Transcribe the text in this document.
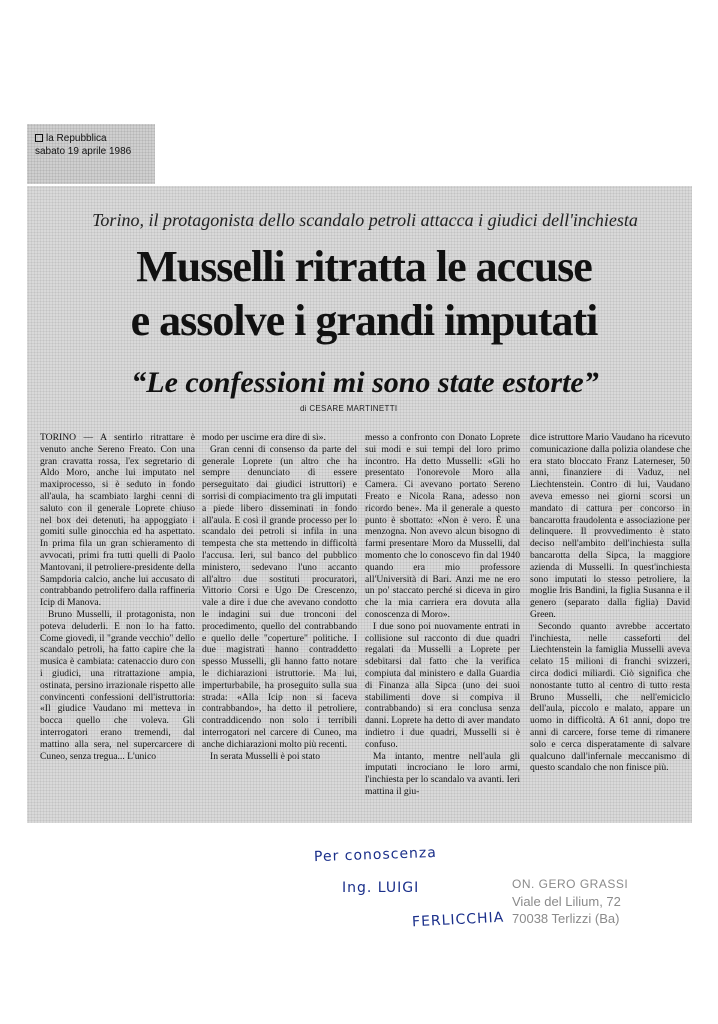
la Repubblica
sabato 19 aprile 1986
Torino, il protagonista dello scandalo petroli attacca i giudici dell'inchiesta
Musselli ritratta le accuse
e assolve i grandi imputati
“Le confessioni mi sono state estorte”
di CESARE MARTINETTI

TORINO — A sentirlo ritrattare è venuto anche Sereno Freato. Con una gran cravatta rossa, l'ex segretario di Aldo Moro, anche lui imputato nel maxiprocesso, si è seduto in fondo all'aula, ha scambiato larghi cenni di saluto con il generale Loprete chiuso nel box dei detenuti, ha appoggiato i gomiti sulle ginocchia ed ha aspettato. In prima fila un gran schieramento di avvocati, primi fra tutti quelli di Paolo Mantovani, il petroliere-presidente della Sampdoria calcio, anche lui accusato di contrabbando petrolifero dalla raffineria Icip di Manova.

Bruno Musselli, il protagonista, non poteva deluderli. E non lo ha fatto. Come giovedì, il "grande vecchio" dello scandalo petroli, ha fatto capire che la musica è cambiata: catenaccio duro con i giudici, una ritrattazione ampia, ostinata, persino irrazionale rispetto alle convincenti confessioni dell'istruttoria: «Il giudice Vaudano mi metteva in bocca quello che voleva. Gli interrogatori erano tremendi, dal mattino alla sera, nel supercarcere di Cuneo, senza tregua... L'unico

modo per uscirne era dire di sì».

Gran cenni di consenso da parte del generale Loprete (un altro che ha sempre denunciato di essere perseguitato dai giudici istruttori) e sorrisi di compiacimento tra gli imputati a piede libero disseminati in fondo all'aula. E così il grande processo per lo scandalo dei petroli si infila in una tempesta che sta mettendo in difficoltà l'accusa. Ieri, sul banco del pubblico ministero, sedevano l'uno accanto all'altro due sostituti procuratori, Vittorio Corsi e Ugo De Crescenzo, vale a dire i due che avevano condotto le indagini sui due tronconi del procedimento, quello del contrabbando e quello delle "coperture" politiche. I due magistrati hanno contraddetto spesso Musselli, gli hanno fatto notare le dichiarazioni istruttorie. Ma lui, imperturbabile, ha proseguito sulla sua strada: «Alla Icip non si faceva contrabbando», ha detto il petroliere, contraddicendo non solo i terribili interrogatori nel carcere di Cuneo, ma anche dichiarazioni molto più recenti.

In serata Musselli è poi stato

messo a confronto con Donato Loprete sui modi e sui tempi del loro primo incontro. Ha detto Musselli: «Gli ho presentato l'onorevole Moro alla Camera. Ci avevano portato Sereno Freato e Nicola Rana, adesso non ricordo bene». Ma il generale a questo punto è sbottato: «Non è vero. È una menzogna. Non avevo alcun bisogno di farmi presentare Moro da Musselli, dal momento che lo conoscevo fin dal 1940 quando era mio professore all'Università di Bari. Anzi me ne ero un po' staccato perché si diceva in giro che la mia carriera era dovuta alla conoscenza di Moro».

I due sono poi nuovamente entrati in collisione sul racconto di due quadri regalati da Musselli a Loprete per sdebitarsi dal fatto che la verifica compiuta dal ministero e dalla Guardia di Finanza alla Sipca (uno dei suoi stabilimenti dove si compiva il contrabbando) si era conclusa senza danni. Loprete ha detto di aver mandato indietro i due quadri, Musselli si è confuso.

Ma intanto, mentre nell'aula gli imputati incrociano le loro armi, l'inchiesta per lo scandalo va avanti. Ieri mattina il giu-

dice istruttore Mario Vaudano ha ricevuto comunicazione dalla polizia olandese che era stato bloccato Franz Laterneser, 50 anni, finanziere di Vaduz, nel Liechtenstein. Contro di lui, Vaudano aveva emesso nei giorni scorsi un mandato di cattura per concorso in bancarotta fraudolenta e associazione per delinquere. Il provvedimento è stato deciso nell'ambito dell'inchiesta sulla bancarotta della Sipca, la maggiore azienda di Musselli. In quest'inchiesta sono imputati lo stesso petroliere, la moglie Iris Bandini, la figlia Susanna e il genero (separato dalla figlia) David Green.

Secondo quanto avrebbe accertato l'inchiesta, nelle casseforti del Liechtenstein la famiglia Musselli aveva celato 15 milioni di franchi svizzeri, circa dodici miliardi. Ciò significa che nonostante tutto al centro di tutto resta Bruno Musselli, che nell'emiciclo dell'aula, piccolo e malato, appare un uomo in difficoltà. A 61 anni, dopo tre anni di carcere, forse teme di rimanere solo e cerca disperatamente di salvare qualcuno dall'infernale meccanismo di questo scandalo che non finisce più.

Per conoscenza
Ing. LUIGI
FERLICCHIA
ON. GERO GRASSI
Viale del Lilium, 72
70038 Terlizzi (Ba)
